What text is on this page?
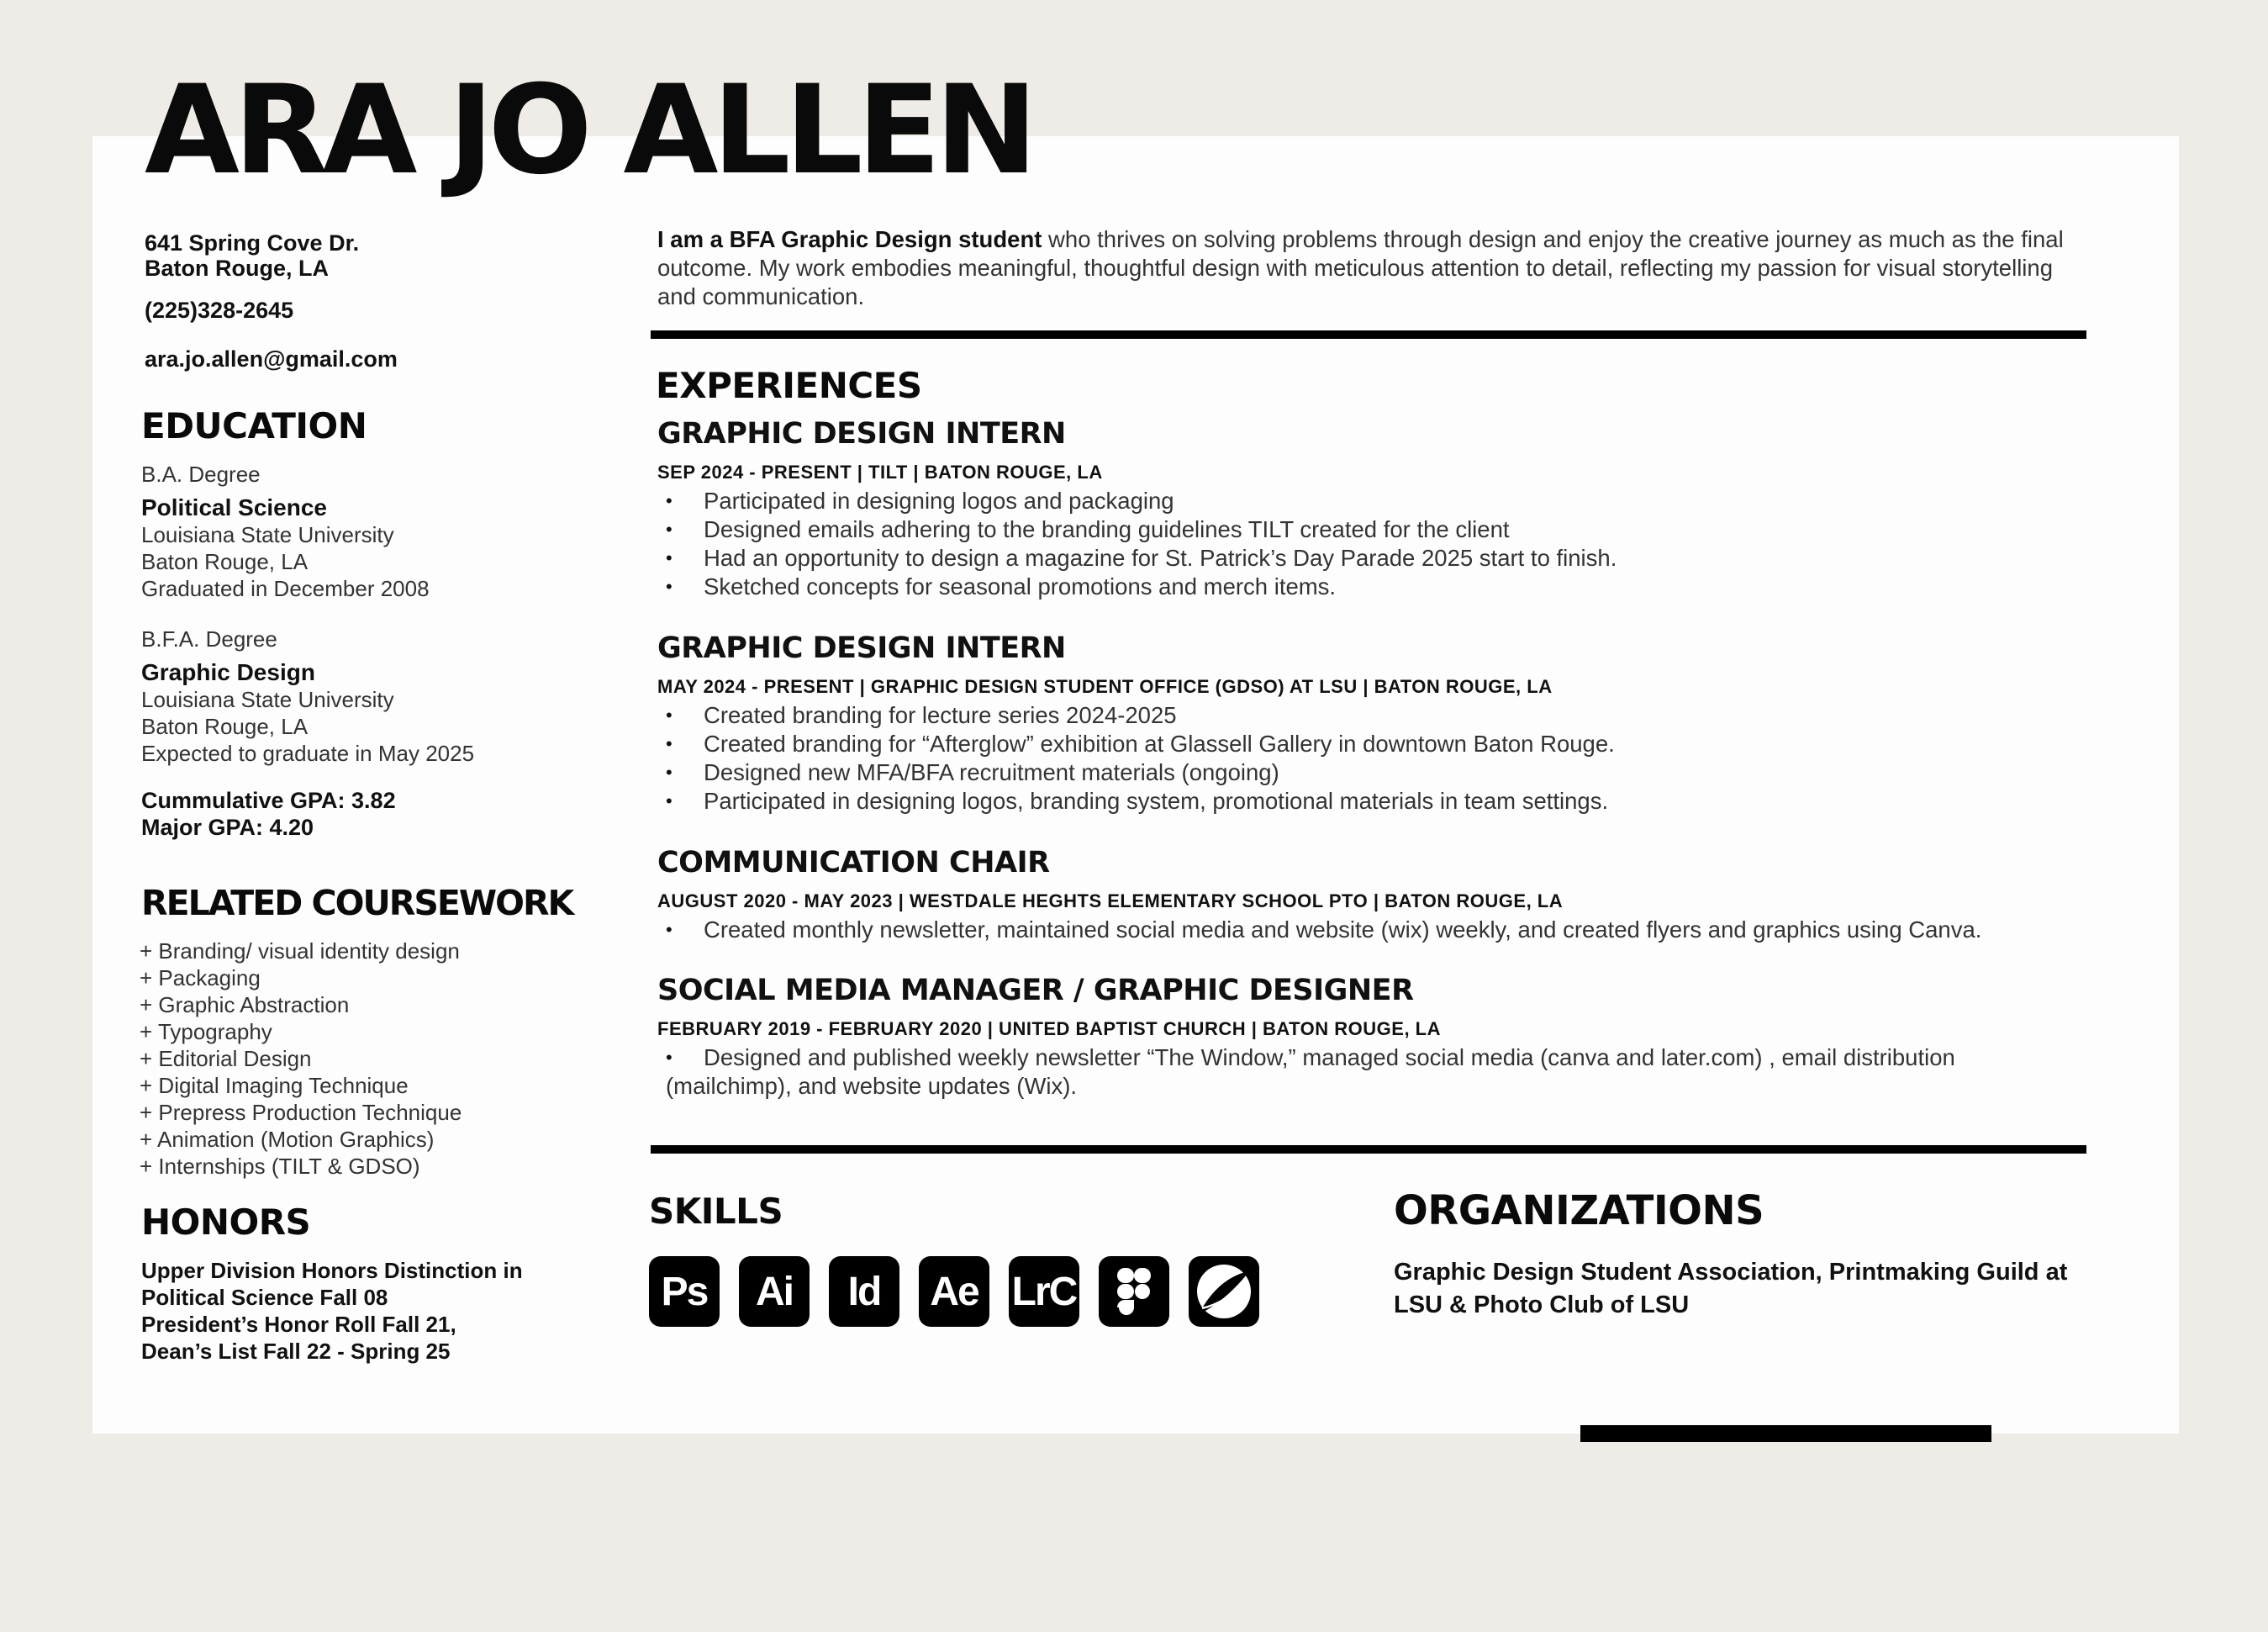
ARA JO ALLEN
641 Spring Cove Dr.
Baton Rouge, LA
(225)328-2645
ara.jo.allen@gmail.com
EDUCATION
B.A. Degree
Political Science
Louisiana State University
Baton Rouge, LA
Graduated in December 2008
B.F.A. Degree
Graphic Design
Louisiana State University
Baton Rouge, LA
Expected to graduate in May 2025
Cummulative GPA: 3.82
Major GPA: 4.20
RELATED COURSEWORK
+ Branding/ visual identity design
+ Packaging
+ Graphic Abstraction
+ Typography
+ Editorial Design
+ Digital Imaging Technique
+ Prepress Production Technique
+ Animation (Motion Graphics)
+ Internships (TILT & GDSO)
HONORS
Upper Division Honors Distinction in
Political Science Fall 08
President’s Honor Roll Fall 21,
Dean’s List Fall 22 - Spring 25
I am a BFA Graphic Design student who thrives on solving problems through design and enjoy the creative journey as much as the final outcome. My work embodies meaningful, thoughtful design with meticulous attention to detail, reflecting my passion for visual storytelling and communication.
EXPERIENCES
GRAPHIC DESIGN INTERN
SEP 2024 - PRESENT | TILT | BATON ROUGE, LA
• Participated in designing logos and packaging
• Designed emails adhering to the branding guidelines TILT created for the client
• Had an opportunity to design a magazine for St. Patrick’s Day Parade 2025 start to finish.
• Sketched concepts for seasonal promotions and merch items.
GRAPHIC DESIGN INTERN
MAY 2024 - PRESENT | GRAPHIC DESIGN STUDENT OFFICE (GDSO) AT LSU | BATON ROUGE, LA
• Created branding for lecture series 2024-2025
• Created branding for “Afterglow” exhibition at Glassell Gallery in downtown Baton Rouge.
• Designed new MFA/BFA recruitment materials (ongoing)
• Participated in designing logos, branding system, promotional materials in team settings.
COMMUNICATION CHAIR
AUGUST 2020 - MAY 2023 | WESTDALE HEGHTS ELEMENTARY SCHOOL PTO | BATON ROUGE, LA
• Created monthly newsletter, maintained social media and website (wix) weekly, and created flyers and graphics using Canva.
SOCIAL MEDIA MANAGER / GRAPHIC DESIGNER
FEBRUARY 2019 - FEBRUARY 2020 | UNITED BAPTIST CHURCH | BATON ROUGE, LA
• Designed and published weekly newsletter “The Window,” managed social media (canva and later.com) , email distribution (mailchimp), and website updates (Wix).
SKILLS
Ps	Ai	Id	Ae LrC
ORGANIZATIONS
Graphic Design Student Association, Printmaking Guild at LSU & Photo Club of LSU
